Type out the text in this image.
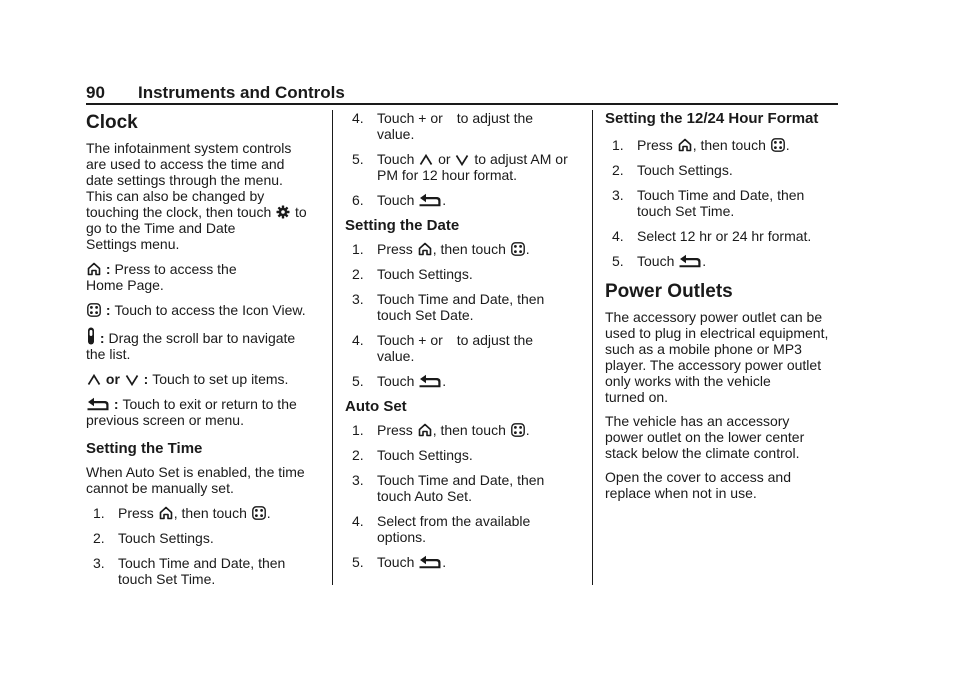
90 Instruments and Controls
Clock

The infotainment system controls
are used to access the time and
date settings through the menu.
This can also be changed by
touching the clock, then touch
to
go to the Time and Date
Settings menu.

: Press to access the
Home Page.

: Touch to access the Icon View.

: Drag the scroll bar to navigate
the list.

or
: Touch to set up items.

: Touch to exit or return to the
previous screen or menu.

Setting the Time

When Auto Set is enabled, the time
cannot be manually set.

1. Press
, then touch
.
2. Touch Settings.
3. Touch Time and Date, then
touch Set Time.
4. Touch + or to adjust the
value.
5. Touch
or
to adjust AM or
PM for 12 hour format.
6. Touch
.
Setting the Date
1. Press
, then touch
.
2. Touch Settings.
3. Touch Time and Date, then
touch Set Date.
4. Touch + or to adjust the
value.
5. Touch
.
Auto Set
1. Press
, then touch
.
2. Touch Settings.
3. Touch Time and Date, then
touch Auto Set.
4. Select from the available
options.
5. Touch
.
Setting the 12/24 Hour Format
1. Press
, then touch
.
2. Touch Settings.
3. Touch Time and Date, then
touch Set Time.
4. Select 12 hr or 24 hr format.
5. Touch
.
Power Outlets

The accessory power outlet can be
used to plug in electrical equipment,
such as a mobile phone or MP3
player. The accessory power outlet
only works with the vehicle
turned on.

The vehicle has an accessory
power outlet on the lower center
stack below the climate control.

Open the cover to access and
replace when not in use.
